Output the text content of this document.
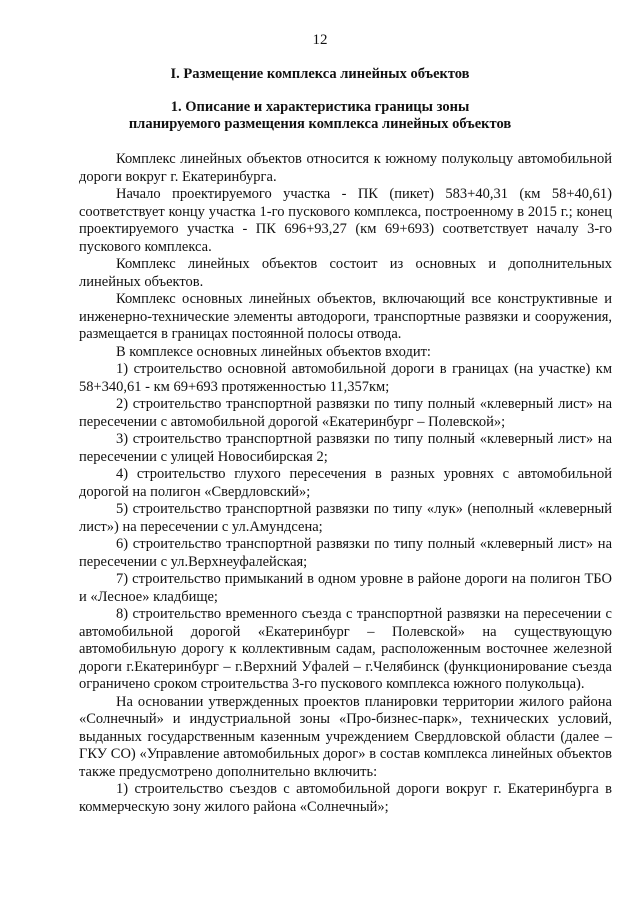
12
I. Размещение комплекса линейных объектов
1. Описание и характеристика границы зоны
планируемого размещения комплекса линейных объектов

Комплекс линейных объектов относится к южному полукольцу автомобильной дороги вокруг г. Екатеринбурга.

Начало проектируемого участка - ПК (пикет) 583+40,31 (км 58+40,61) соответствует концу участка 1-го пускового комплекса, построенному в 2015 г.; конец проектируемого участка - ПК 696+93,27 (км 69+693) соответствует началу 3-го пускового комплекса.

Комплекс линейных объектов состоит из основных и дополнительных линейных объектов.

Комплекс основных линейных объектов, включающий все конструктивные и инженерно-технические элементы автодороги, транспортные развязки и сооружения, размещается в границах постоянной полосы отвода.

В комплексе основных линейных объектов входит:

1) строительство основной автомобильной дороги в границах (на участке) км 58+340,61 - км 69+693 протяженностью 11,357км;

2) строительство транспортной развязки по типу полный «клеверный лист» на пересечении с автомобильной дорогой «Екатеринбург – Полевской»;

3) строительство транспортной развязки по типу полный «клеверный лист» на пересечении с улицей Новосибирская 2;

4) строительство глухого пересечения в разных уровнях с автомобильной дорогой на полигон «Свердловский»;

5) строительство транспортной развязки по типу «лук» (неполный «клеверный лист») на пересечении с ул.Амундсена;

6) строительство транспортной развязки по типу полный «клеверный лист» на пересечении с ул.Верхнеуфалейская;

7) строительство примыканий в одном уровне в районе дороги на полигон ТБО и «Лесное» кладбище;

8) строительство временного съезда с транспортной развязки на пересечении с автомобильной дорогой «Екатеринбург – Полевской» на существующую автомобильную дорогу к коллективным садам, расположенным восточнее железной дороги г.Екатеринбург – г.Верхний Уфалей – г.Челябинск (функционирование съезда ограничено сроком строительства 3-го пускового комплекса южного полукольца).

На основании утвержденных проектов планировки территории жилого района «Солнечный» и индустриальной зоны «Про-бизнес-парк», технических условий, выданных государственным казенным учреждением Свердловской области (далее – ГКУ СО) «Управление автомобильных дорог» в состав комплекса линейных объектов также предусмотрено дополнительно включить:

1) строительство съездов с автомобильной дороги вокруг г. Екатеринбурга в коммерческую зону жилого района «Солнечный»;
